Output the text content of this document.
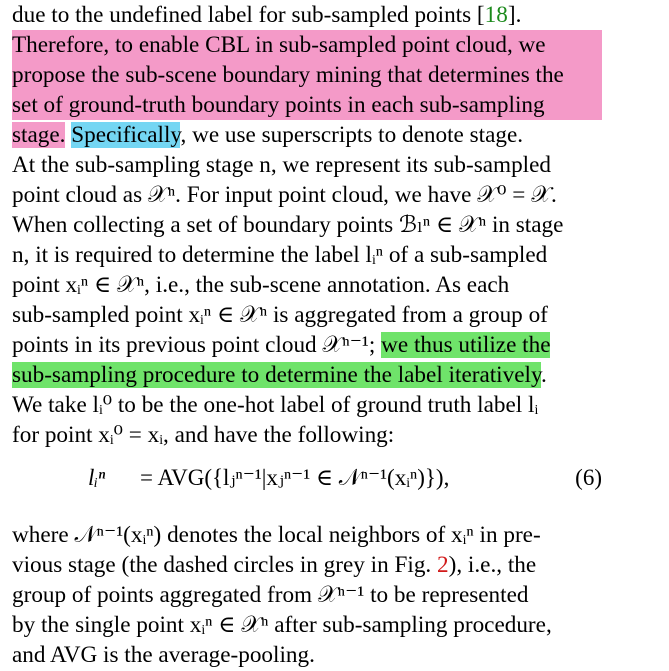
due to the undefined label for sub-sampled points [18].
Therefore, to enable CBL in sub-sampled point cloud, we
propose the sub-scene boundary mining that determines the
set of ground-truth boundary points in each sub-sampling
stage. Specifically, we use superscripts to denote stage.
At the sub-sampling stage n, we represent its sub-sampled
point cloud as 𝒳ⁿ. For input point cloud, we have 𝒳⁰ = 𝒳.
When collecting a set of boundary points ℬₗⁿ ∈ 𝒳ⁿ in stage
n, it is required to determine the label lᵢⁿ of a sub-sampled
point xᵢⁿ ∈ 𝒳ⁿ, i.e., the sub-scene annotation. As each
sub-sampled point xᵢⁿ ∈ 𝒳ⁿ is aggregated from a group of
points in its previous point cloud 𝒳ⁿ⁻¹; we thus utilize the
sub-sampling procedure to determine the label iteratively.
We take lᵢ⁰ to be the one-hot label of ground truth label lᵢ
for point xᵢ⁰ = xᵢ, and have the following:
lᵢⁿ = AVG({lⱼⁿ⁻¹|xⱼⁿ⁻¹ ∈ 𝒩ⁿ⁻¹(xᵢⁿ)}),	(6)
where 𝒩ⁿ⁻¹(xᵢⁿ) denotes the local neighbors of xᵢⁿ in pre-
vious stage (the dashed circles in grey in Fig. 2), i.e., the
group of points aggregated from 𝒳ⁿ⁻¹ to be represented
by the single point xᵢⁿ ∈ 𝒳ⁿ after sub-sampling procedure,
and AVG is the average-pooling.
